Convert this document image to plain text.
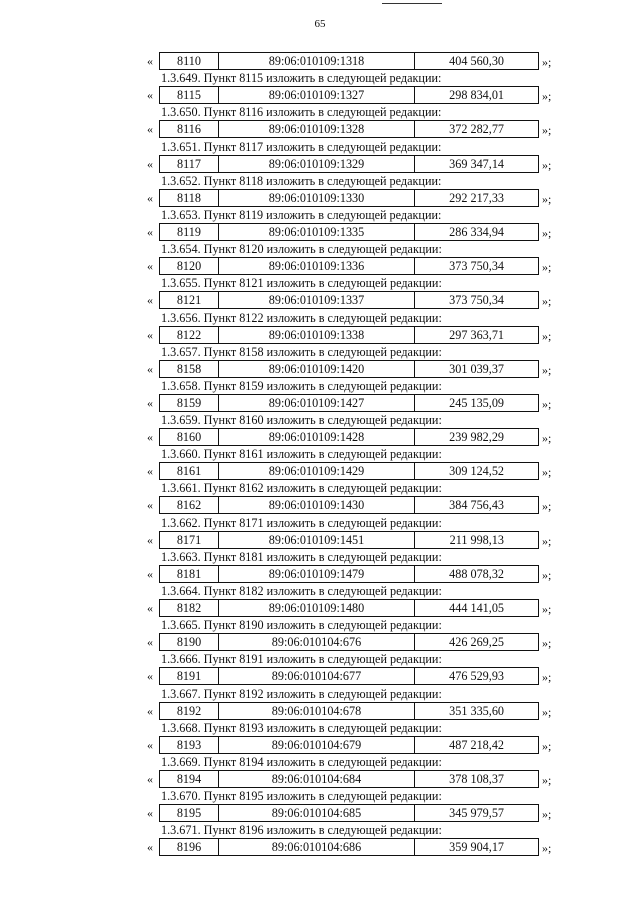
65
«	8110	89:06:010109:1318	404 560,30	»;
1.3.649. Пункт 8115 изложить в следующей редакции:
«	8115	89:06:010109:1327	298 834,01	»;
1.3.650. Пункт 8116 изложить в следующей редакции:
«	8116	89:06:010109:1328	372 282,77	»;
1.3.651. Пункт 8117 изложить в следующей редакции:
«	8117	89:06:010109:1329	369 347,14	»;
1.3.652. Пункт 8118 изложить в следующей редакции:
«	8118	89:06:010109:1330	292 217,33	»;
1.3.653. Пункт 8119 изложить в следующей редакции:
«	8119	89:06:010109:1335	286 334,94	»;
1.3.654. Пункт 8120 изложить в следующей редакции:
«	8120	89:06:010109:1336	373 750,34	»;
1.3.655. Пункт 8121 изложить в следующей редакции:
«	8121	89:06:010109:1337	373 750,34	»;
1.3.656. Пункт 8122 изложить в следующей редакции:
«	8122	89:06:010109:1338	297 363,71	»;
1.3.657. Пункт 8158 изложить в следующей редакции:
«	8158	89:06:010109:1420	301 039,37	»;
1.3.658. Пункт 8159 изложить в следующей редакции:
«	8159	89:06:010109:1427	245 135,09	»;
1.3.659. Пункт 8160 изложить в следующей редакции:
«	8160	89:06:010109:1428	239 982,29	»;
1.3.660. Пункт 8161 изложить в следующей редакции:
«	8161	89:06:010109:1429	309 124,52	»;
1.3.661. Пункт 8162 изложить в следующей редакции:
«	8162	89:06:010109:1430	384 756,43	»;
1.3.662. Пункт 8171 изложить в следующей редакции:
«	8171	89:06:010109:1451	211 998,13	»;
1.3.663. Пункт 8181 изложить в следующей редакции:
«	8181	89:06:010109:1479	488 078,32	»;
1.3.664. Пункт 8182 изложить в следующей редакции:
«	8182	89:06:010109:1480	444 141,05	»;
1.3.665. Пункт 8190 изложить в следующей редакции:
«	8190	89:06:010104:676	426 269,25	»;
1.3.666. Пункт 8191 изложить в следующей редакции:
«	8191	89:06:010104:677	476 529,93	»;
1.3.667. Пункт 8192 изложить в следующей редакции:
«	8192	89:06:010104:678	351 335,60	»;
1.3.668. Пункт 8193 изложить в следующей редакции:
«	8193	89:06:010104:679	487 218,42	»;
1.3.669. Пункт 8194 изложить в следующей редакции:
«	8194	89:06:010104:684	378 108,37	»;
1.3.670. Пункт 8195 изложить в следующей редакции:
«	8195	89:06:010104:685	345 979,57	»;
1.3.671. Пункт 8196 изложить в следующей редакции:
«	8196	89:06:010104:686	359 904,17	»;
